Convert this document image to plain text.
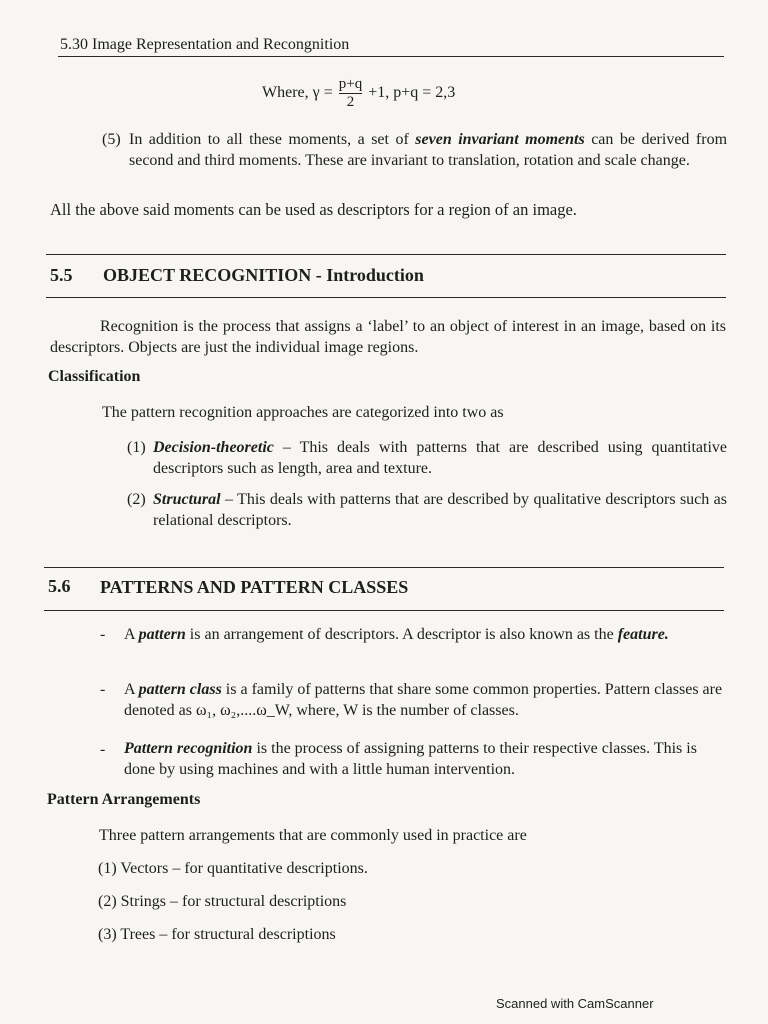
5.30 Image Representation and Recongnition
Where, $\gamma = \frac{p+q}{2} +1$, p+q = 2,3
(5) In addition to all these moments, a set of seven invariant moments can be derived from second and third moments. These are invariant to translation, rotation and scale change.
All the above said moments can be used as descriptors for a region of an image.
5.5 OBJECT RECOGNITION - Introduction
Recognition is the process that assigns a ‘label’ to an object of interest in an image, based on its descriptors. Objects are just the individual image regions.
Classification
The pattern recognition approaches are categorized into two as
(1) Decision-theoretic – This deals with patterns that are described using quantitative descriptors such as length, area and texture.
(2) Structural – This deals with patterns that are described by qualitative descriptors such as relational descriptors.
5.6 PATTERNS AND PATTERN CLASSES
- A pattern is an arrangement of descriptors. A descriptor is also known as the feature.
- A pattern class is a family of patterns that share some common properties. Pattern classes are denoted as ω₁, ω₂,....ω_W, where, W is the number of classes.
- Pattern recognition is the process of assigning patterns to their respective classes. This is done by using machines and with a little human intervention.
Pattern Arrangements
Three pattern arrangements that are commonly used in practice are
(1) Vectors – for quantitative descriptions.
(2) Strings – for structural descriptions
(3) Trees – for structural descriptions
Scanned with CamScanner
